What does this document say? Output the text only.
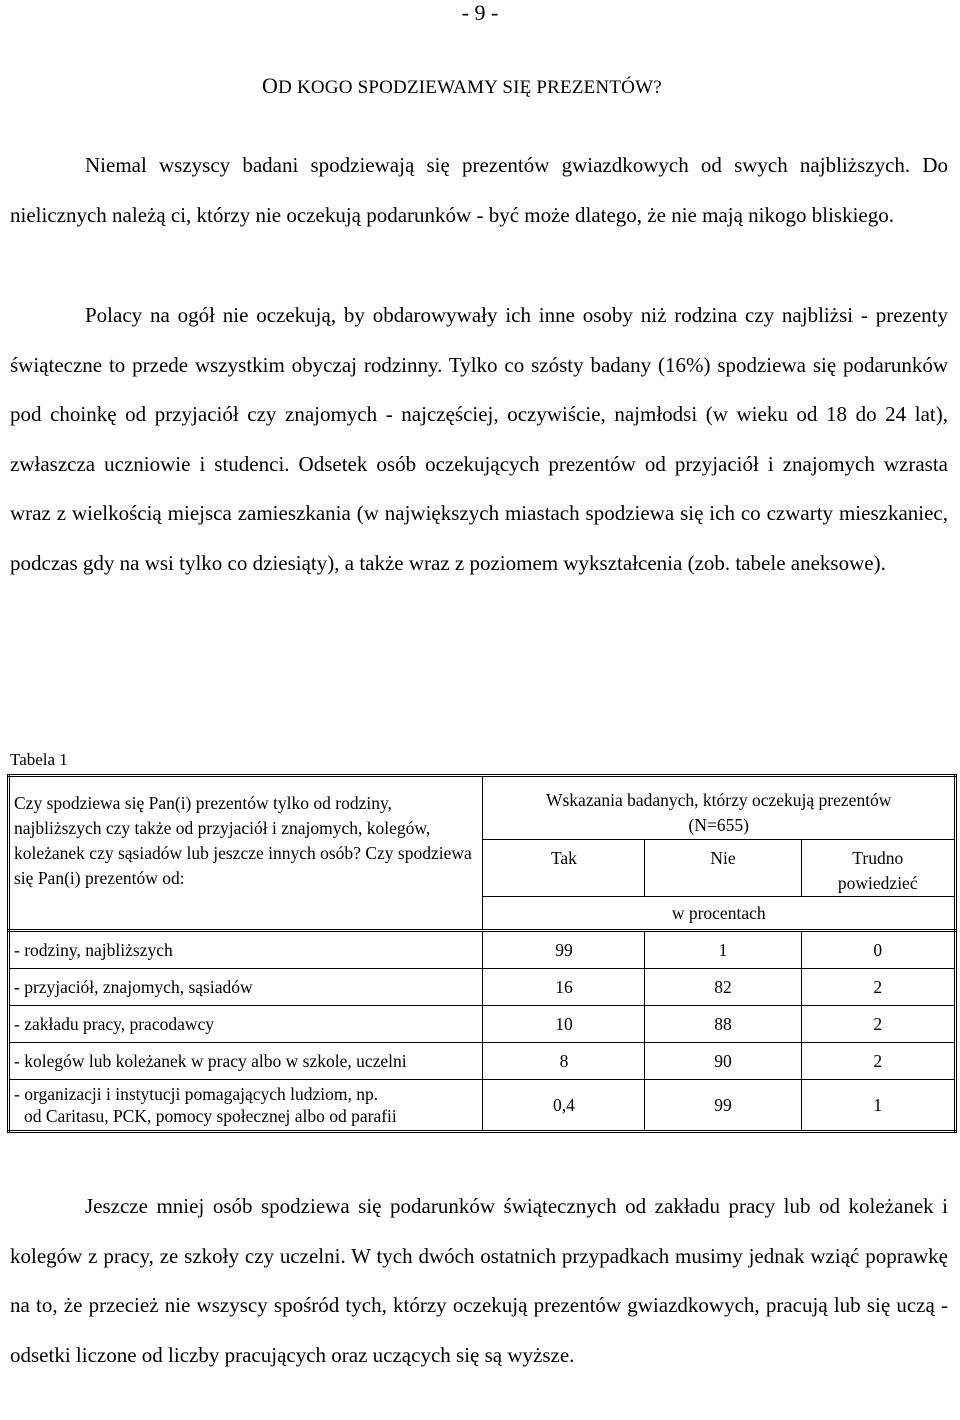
- 9 -
OD KOGO SPODZIEWAMY SIĘ PREZENTÓW?

Niemal wszyscy badani spodziewają się prezentów gwiazdkowych od swych najbliższych. Do nielicznych należą ci, którzy nie oczekują podarunków - być może dlatego, że nie mają nikogo bliskiego.

Polacy na ogół nie oczekują, by obdarowywały ich inne osoby niż rodzina czy najbliżsi - prezenty świąteczne to przede wszystkim obyczaj rodzinny. Tylko co szósty badany (16%) spodziewa się podarunków pod choinkę od przyjaciół czy znajomych - najczęściej, oczywiście, najmłodsi (w wieku od 18 do 24 lat), zwłaszcza uczniowie i studenci. Odsetek osób oczekujących prezentów od przyjaciół i znajomych wzrasta wraz z wielkością miejsca zamieszkania (w największych miastach spodziewa się ich co czwarty mieszkaniec, podczas gdy na wsi tylko co dziesiąty), a także wraz z poziomem wykształcenia (zob. tabele aneksowe).

Tabela 1
Czy spodziewa się Pan(i) prezentów tylko od rodziny, najbliższych czy także od przyjaciół i znajomych, kolegów, koleżanek czy sąsiadów lub jeszcze innych osób? Czy spodziewa się Pan(i) prezentów od:	Wskazania badanych, którzy oczekują prezentów
(N=655)		

	Tak	Nie	Trudno
powiedzieć

	w procentach		
- rodziny, najbliższych	99	1	0
- przyjaciół, znajomych, sąsiadów	16	82	2
- zakładu pracy, pracodawcy	10	88	2
- kolegów lub koleżanek w pracy albo w szkole, uczelni	8	90	2

- organizacji i instytucji pomagających ludziom, np.
od Caritasu, PCK, pomocy społecznej albo od parafii	0,4	99	1

Jeszcze mniej osób spodziewa się podarunków świątecznych od zakładu pracy lub od koleżanek i kolegów z pracy, ze szkoły czy uczelni. W tych dwóch ostatnich przypadkach musimy jednak wziąć poprawkę na to, że przecież nie wszyscy spośród tych, którzy oczekują prezentów gwiazdkowych, pracują lub się uczą - odsetki liczone od liczby pracujących oraz uczących się są wyższe.
